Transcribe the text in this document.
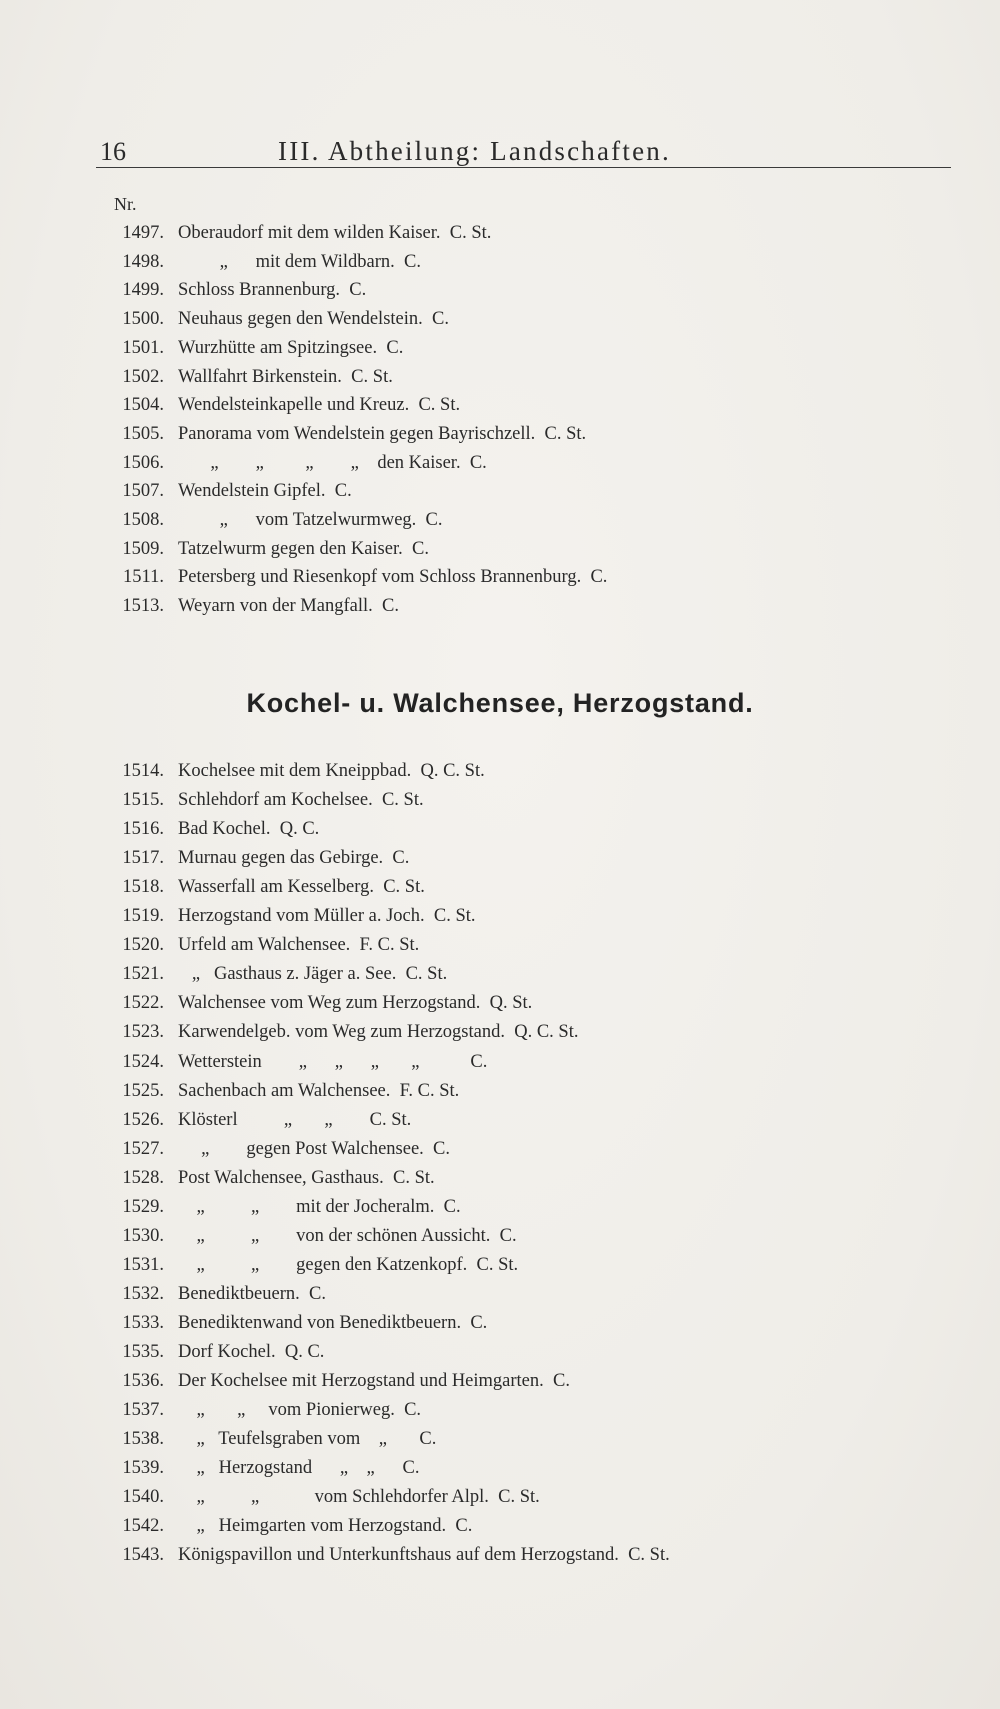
16	III. Abtheilung: Landschaften.
Nr.
1497. Oberaudorf mit dem wilden Kaiser.  C. St.
1498. „      mit dem Wildbarn.  C.
1499. Schloss Brannenburg.  C.
1500. Neuhaus gegen den Wendelstein.  C.
1501. Wurzhütte am Spitzingsee.  C.
1502. Wallfahrt Birkenstein.  C. St.
1504. Wendelsteinkapelle und Kreuz.  C. St.
1505. Panorama vom Wendelstein gegen Bayrischzell.  C. St.
1506. „        „         „        „    den Kaiser.  C.
1507. Wendelstein Gipfel.  C.
1508. „      vom Tatzelwurmweg.  C.
1509. Tatzelwurm gegen den Kaiser.  C.
1511. Petersberg und Riesenkopf vom Schloss Brannenburg.  C.
1513. Weyarn von der Mangfall.  C.
Kochel- u. Walchensee, Herzogstand.
1514. Kochelsee mit dem Kneippbad.  Q. C. St.
1515. Schlehdorf am Kochelsee.  C. St.
1516. Bad Kochel.  Q. C.
1517. Murnau gegen das Gebirge.  C.
1518. Wasserfall am Kesselberg.  C. St.
1519. Herzogstand vom Müller a. Joch.  C. St.
1520. Urfeld am Walchensee.  F. C. St.
1521. „   Gasthaus z. Jäger a. See.  C. St.
1522. Walchensee vom Weg zum Herzogstand.  Q. St.
1523. Karwendelgeb. vom Weg zum Herzogstand.  Q. C. St.
1524. Wetterstein        „      „      „       „           C.
1525. Sachenbach am Walchensee.  F. C. St.
1526. Klösterl          „       „        C. St.
1527. „        gegen Post Walchensee.  C.
1528. Post Walchensee, Gasthaus.  C. St.
1529. „          „        mit der Jocheralm.  C.
1530. „          „        von der schönen Aussicht.  C.
1531. „          „        gegen den Katzenkopf.  C. St.
1532. Benediktbeuern.  C.
1533. Benediktenwand von Benediktbeuern.  C.
1535. Dorf Kochel.  Q. C.
1536. Der Kochelsee mit Herzogstand und Heimgarten.  C.
1537. „       „     vom Pionierweg.  C.
1538. „   Teufelsgraben vom    „       C.
1539. „   Herzogstand      „    „      C.
1540. „          „            vom Schlehdorfer Alpl.  C. St.
1542. „   Heimgarten vom Herzogstand.  C.
1543. Königspavillon und Unterkunftshaus auf dem Herzogstand.  C. St.
